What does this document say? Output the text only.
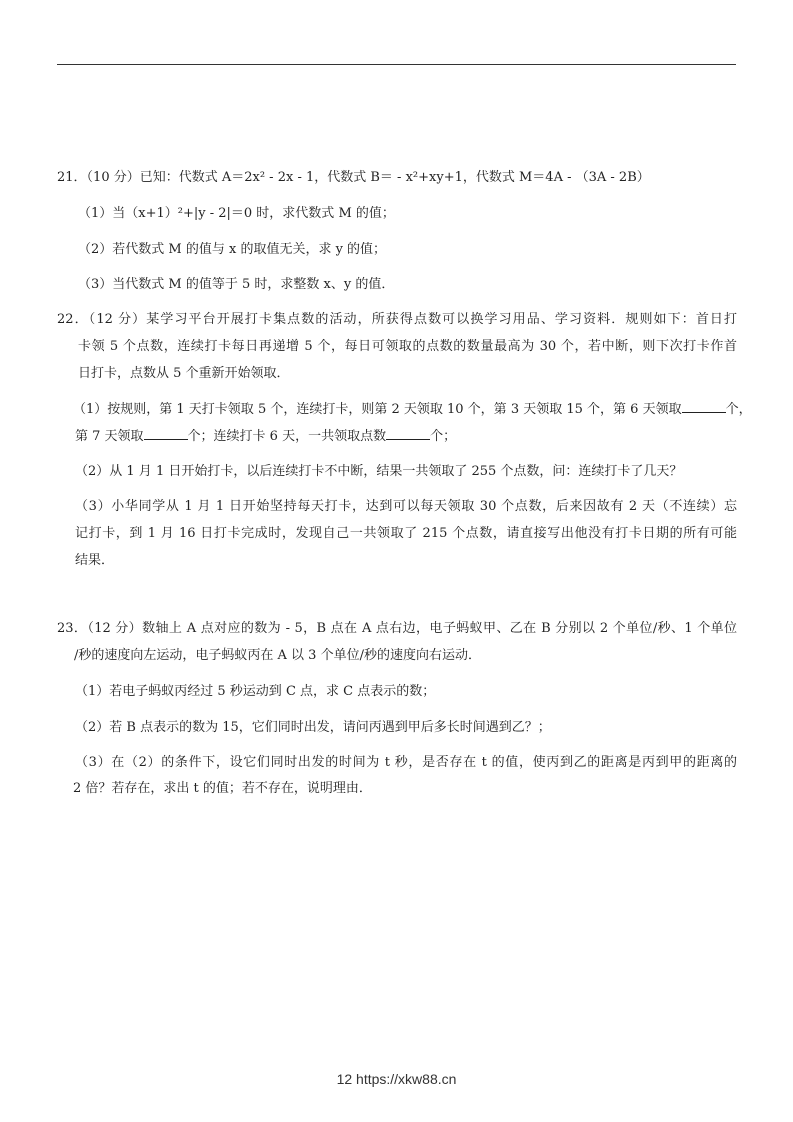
21．（10 分）已知：代数式 A＝2x² - 2x - 1，代数式 B＝ - x²+xy+1，代数式 M＝4A - （3A - 2B）
（1）当（x+1）²+|y - 2|＝0 时，求代数式 M 的值；
（2）若代数式 M 的值与 x 的取值无关，求 y 的值；
（3）当代数式 M 的值等于 5 时，求整数 x、y 的值．
22．（12 分）某学习平台开展打卡集点数的活动，所获得点数可以换学习用品、学习资料．规则如下：首日打
卡领 5 个点数，连续打卡每日再递增 5 个，每日可领取的点数的数量最高为 30 个，若中断，则下次打卡作首
日打卡，点数从 5 个重新开始领取．
（1）按规则，第 1 天打卡领取 5 个，连续打卡，则第 2 天领取 10 个，第 3 天领取 15 个，第 6 天领取	个，
第 7 天领取	个；连续打卡 6 天，一共领取点数	个；
（2）从 1 月 1 日开始打卡，以后连续打卡不中断，结果一共领取了 255 个点数，问：连续打卡了几天？
（3）小华同学从 1 月 1 日开始坚持每天打卡，达到可以每天领取 30 个点数，后来因故有 2 天（不连续）忘
记打卡，到 1 月 16 日打卡完成时，发现自己一共领取了 215 个点数，请直接写出他没有打卡日期的所有可能
结果．
23．（12 分）数轴上 A 点对应的数为 - 5，B 点在 A 点右边，电子蚂蚁甲、乙在 B 分别以 2 个单位/秒、1 个单位
/秒的速度向左运动，电子蚂蚁丙在 A 以 3 个单位/秒的速度向右运动．
（1）若电子蚂蚁丙经过 5 秒运动到 C 点，求 C 点表示的数；
（2）若 B 点表示的数为 15，它们同时出发，请问丙遇到甲后多长时间遇到乙？；
（3）在（2）的条件下，设它们同时出发的时间为 t 秒，是否存在 t 的值，使丙到乙的距离是丙到甲的距离的
2 倍？若存在，求出 t 的值；若不存在，说明理由．
12 https://xkw88.cn
